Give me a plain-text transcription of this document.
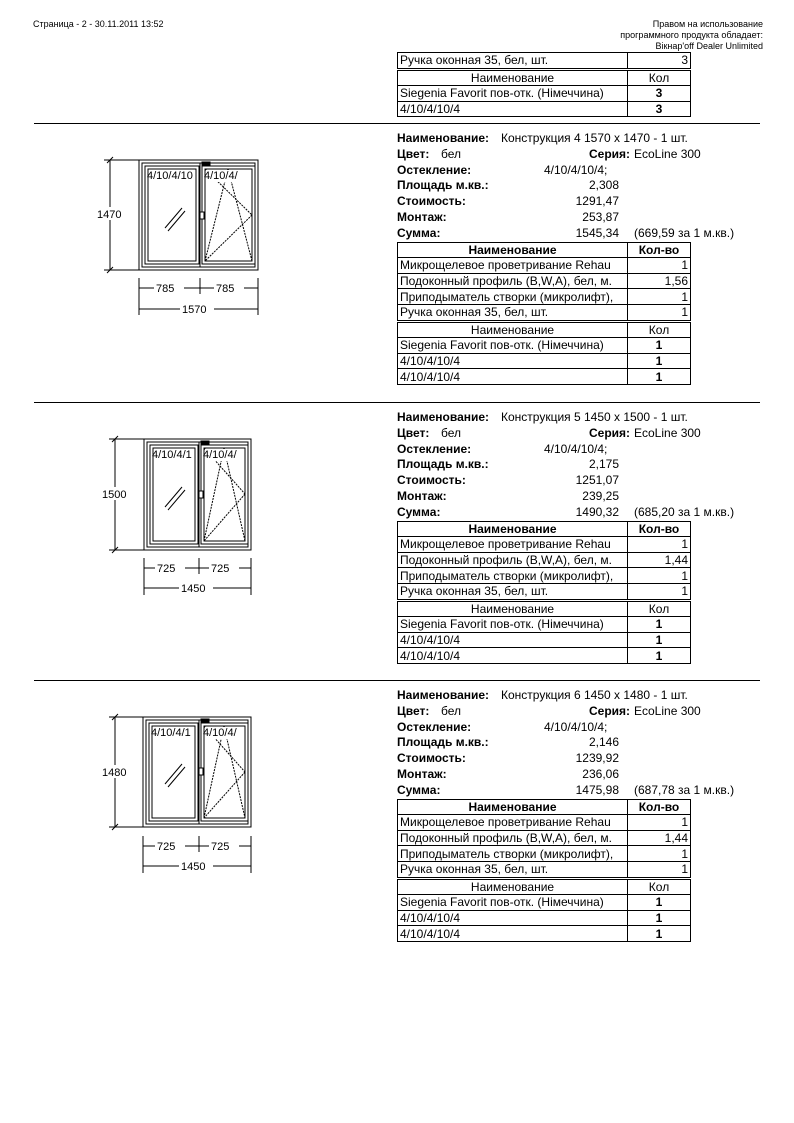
Страница - 2 - 30.11.2011 13:52	Правом на использование
программного продукта обладает:
Вікнар'off Dealer Unlimited
Ручка оконная 35, бел, шт.	3
Наименование	Кол
Siegenia Favorit пов-отк. (Німеччина)	3
4/10/4/10/4	3
4/10/4/10 4/10/4/
1470
785	785
1570
Наименование: Конструкция 4 1570 x 1470 - 1 шт.
Цвет: бел	Серия: EcoLine 300
Остекление:	4/10/4/10/4;
Площадь м.кв.:	2,308
Стоимость:	1291,47
Монтаж:	253,87
Сумма:	1545,34 (669,59 за 1 м.кв.)
Наименование	Кол-во
Микрощелевое проветривание Rehau	1
Подоконный профиль (B,W,A), бел, м.	1,56
Приподыматель створки (микролифт),	1
Ручка оконная 35, бел, шт.	1
Наименование	Кол
Siegenia Favorit пов-отк. (Німеччина)	1
4/10/4/10/4	1
4/10/4/10/4	1
4/10/4/1 4/10/4/
1500
725	725
1450
Наименование: Конструкция 5 1450 x 1500 - 1 шт.
Цвет: бел	Серия: EcoLine 300
Остекление:	4/10/4/10/4;
Площадь м.кв.:	2,175
Стоимость:	1251,07
Монтаж:	239,25
Сумма:	1490,32 (685,20 за 1 м.кв.)
Наименование	Кол-во
Микрощелевое проветривание Rehau	1
Подоконный профиль (B,W,A), бел, м.	1,44
Приподыматель створки (микролифт),	1
Ручка оконная 35, бел, шт.	1
Наименование	Кол
Siegenia Favorit пов-отк. (Німеччина)	1
4/10/4/10/4	1
4/10/4/10/4	1
4/10/4/1 4/10/4/
1480
725	725
1450
Наименование: Конструкция 6 1450 x 1480 - 1 шт.
Цвет: бел	Серия: EcoLine 300
Остекление:	4/10/4/10/4;
Площадь м.кв.:	2,146
Стоимость:	1239,92
Монтаж:	236,06
Сумма:	1475,98 (687,78 за 1 м.кв.)
Наименование	Кол-во
Микрощелевое проветривание Rehau	1
Подоконный профиль (B,W,A), бел, м.	1,44
Приподыматель створки (микролифт),	1
Ручка оконная 35, бел, шт.	1
Наименование	Кол
Siegenia Favorit пов-отк. (Німеччина)	1
4/10/4/10/4	1
4/10/4/10/4	1
